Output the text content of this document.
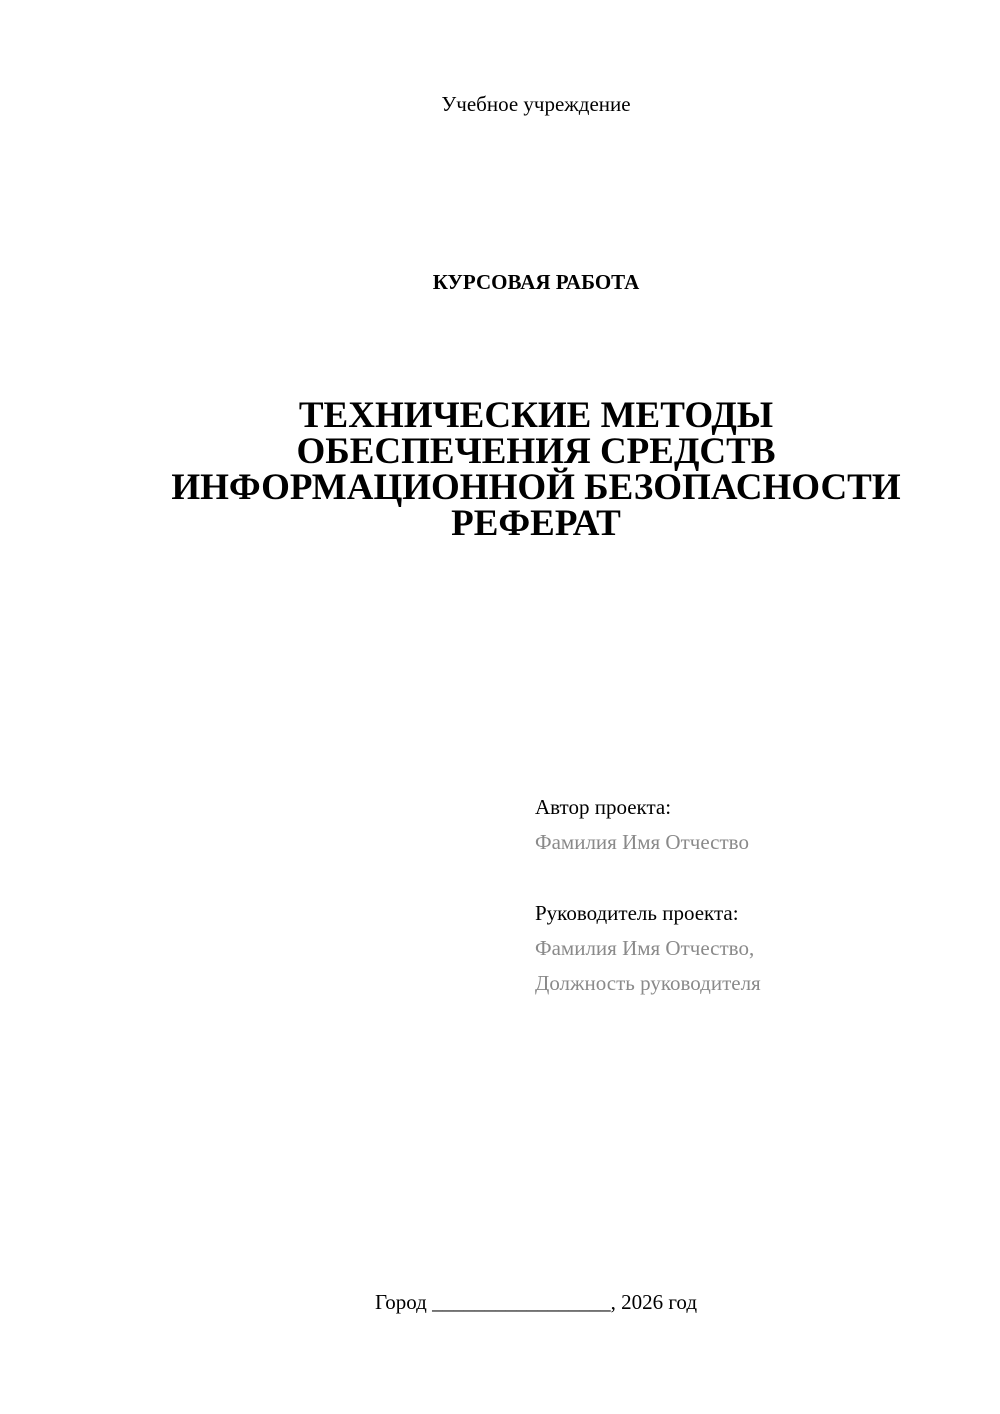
Учебное учреждение
КУРСОВАЯ РАБОТА
ТЕХНИЧЕСКИЕ МЕТОДЫ
ОБЕСПЕЧЕНИЯ СРЕДСТВ
ИНФОРМАЦИОННОЙ БЕЗОПАСНОСТИ
РЕФЕРАТ
Автор проекта:
Фамилия Имя Отчество
Руководитель проекта:
Фамилия Имя Отчество,
Должность руководителя
Город _________________, 2026 год
